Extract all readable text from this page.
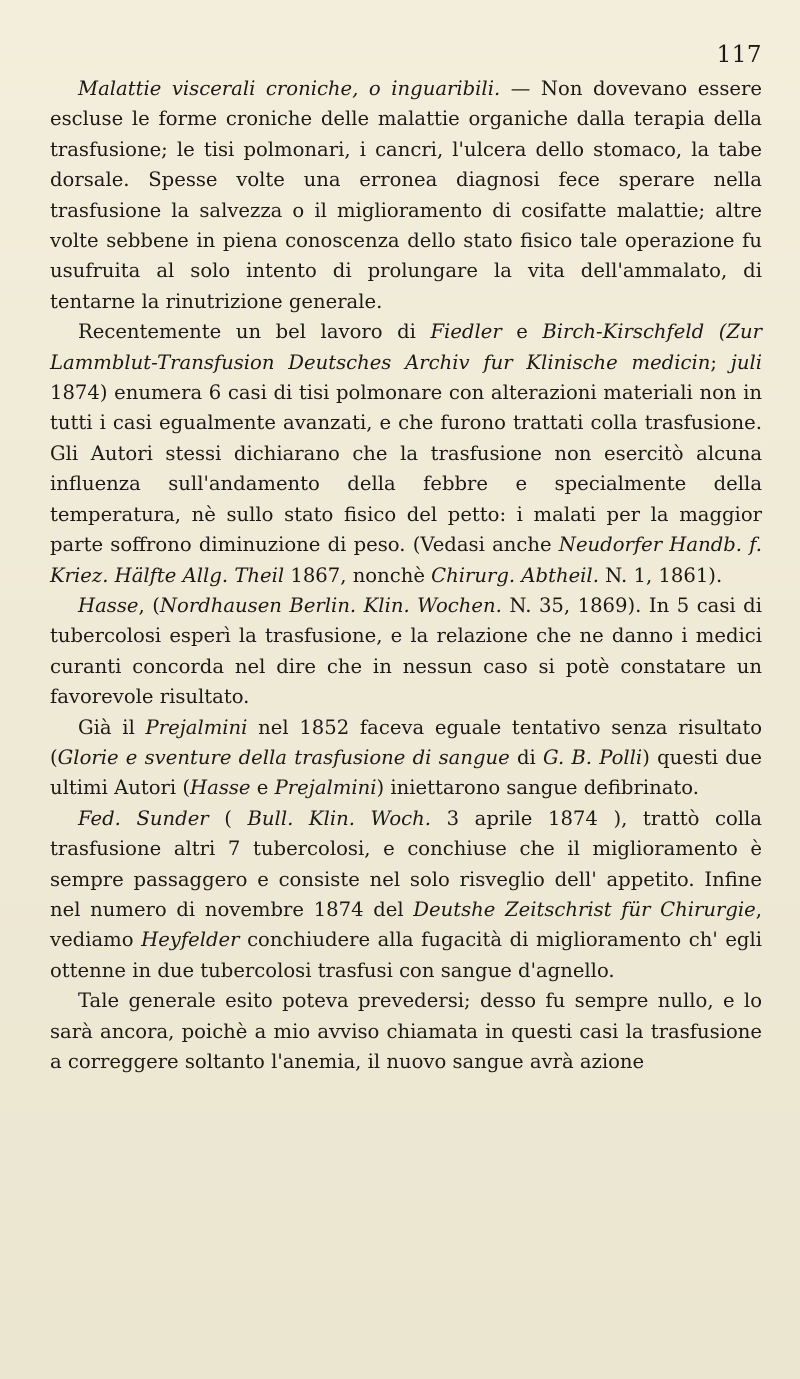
117

Malattie viscerali croniche, o inguaribili. — Non dovevano essere escluse le forme croniche delle malattie organiche dalla terapia della trasfusione; le tisi polmonari, i cancri, l'ulcera dello stomaco, la tabe dorsale. Spesse volte una erronea diagnosi fece sperare nella trasfusione la salvezza o il miglioramento di cosifatte malattie; altre volte sebbene in piena conoscenza dello stato fisico tale operazione fu usufruita al solo intento di prolungare la vita dell'ammalato, di tentarne la rinutrizione generale.

Recentemente un bel lavoro di Fiedler e Birch-Kirschfeld (Zur Lammblut-Transfusion Deutsches Archiv fur Klinische medicin; juli 1874) enumera 6 casi di tisi polmonare con alterazioni materiali non in tutti i casi egualmente avanzati, e che furono trattati colla trasfusione. Gli Autori stessi dichiarano che la trasfusione non esercitò alcuna influenza sull'andamento della febbre e specialmente della temperatura, nè sullo stato fisico del petto: i malati per la maggior parte soffrono diminuzione di peso. (Vedasi anche Neudorfer Handb. f. Kriez. Hälfte Allg. Theil 1867, nonchè Chirurg. Abtheil. N. 1, 1861).

Hasse, (Nordhausen Berlin. Klin. Wochen. N. 35, 1869). In 5 casi di tubercolosi esperì la trasfusione, e la relazione che ne danno i medici curanti concorda nel dire che in nessun caso si potè constatare un favorevole risultato.

Già il Prejalmini nel 1852 faceva eguale tentativo senza risultato (Glorie e sventure della trasfusione di sangue di G. B. Polli) questi due ultimi Autori (Hasse e Prejalmini) iniettarono sangue defibrinato.

Fed. Sunder ( Bull. Klin. Woch. 3 aprile 1874 ), trattò colla trasfusione altri 7 tubercolosi, e conchiuse che il miglioramento è sempre passaggero e consiste nel solo risveglio dell' appetito. Infine nel numero di novembre 1874 del Deutshe Zeitschrist für Chirurgie, vediamo Heyfelder conchiudere alla fugacità di miglioramento ch' egli ottenne in due tubercolosi trasfusi con sangue d'agnello.

Tale generale esito poteva prevedersi; desso fu sempre nullo, e lo sarà ancora, poichè a mio avviso chiamata in questi casi la trasfusione a correggere soltanto l'anemia, il nuovo sangue avrà azione
